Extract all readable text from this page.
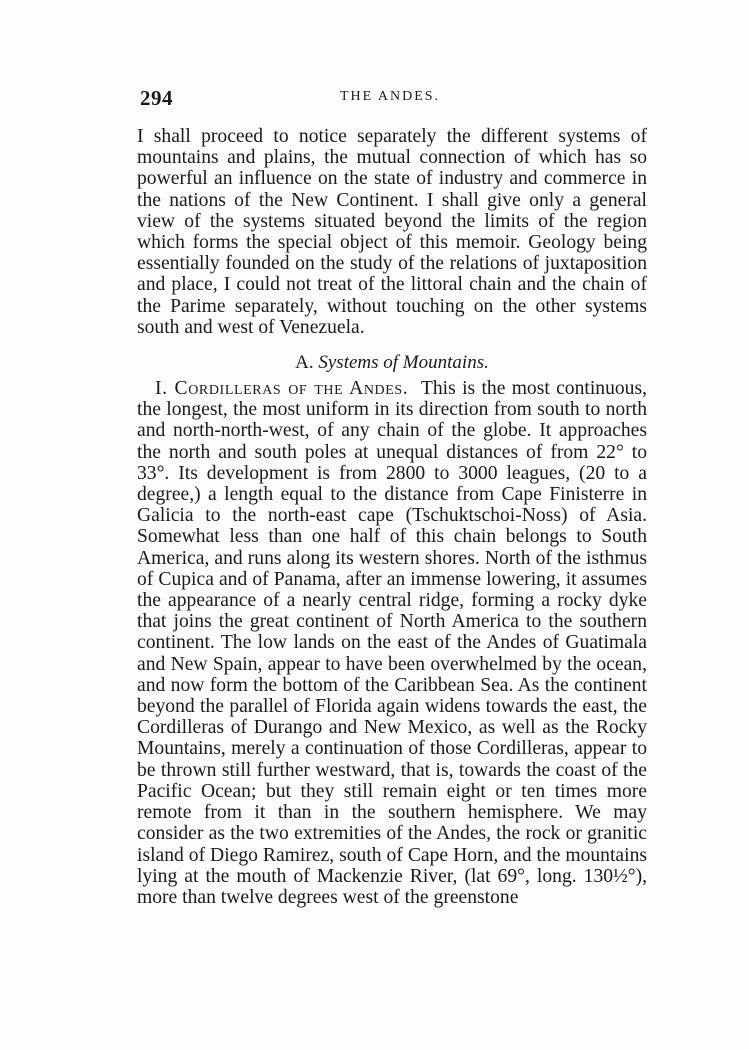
294	THE ANDES.

I shall proceed to notice separately the different systems of mountains and plains, the mutual connection of which has so powerful an influence on the state of industry and commerce in the nations of the New Continent. I shall give only a general view of the systems situated beyond the limits of the region which forms the special object of this memoir. Geology being essentially founded on the study of the relations of juxtaposition and place, I could not treat of the littoral chain and the chain of the Parime separately, without touching on the other systems south and west of Venezuela.

A. Systems of Mountains.

I. Cordilleras of the Andes. This is the most continuous, the longest, the most uniform in its direction from south to north and north-north-west, of any chain of the globe. It approaches the north and south poles at unequal distances of from 22° to 33°. Its development is from 2800 to 3000 leagues, (20 to a degree,) a length equal to the distance from Cape Finisterre in Galicia to the north-east cape (Tschuktschoi-Noss) of Asia. Somewhat less than one half of this chain belongs to South America, and runs along its western shores. North of the isthmus of Cupica and of Panama, after an immense lowering, it assumes the appearance of a nearly central ridge, forming a rocky dyke that joins the great continent of North America to the southern continent. The low lands on the east of the Andes of Guatimala and New Spain, appear to have been overwhelmed by the ocean, and now form the bottom of the Caribbean Sea. As the continent beyond the parallel of Florida again widens towards the east, the Cordilleras of Durango and New Mexico, as well as the Rocky Mountains, merely a continuation of those Cordilleras, appear to be thrown still further westward, that is, towards the coast of the Pacific Ocean; but they still remain eight or ten times more remote from it than in the southern hemisphere. We may consider as the two extremities of the Andes, the rock or granitic island of Diego Ramirez, south of Cape Horn, and the mountains lying at the mouth of Mackenzie River, (lat 69°, long. 130½°), more than twelve degrees west of the greenstone
